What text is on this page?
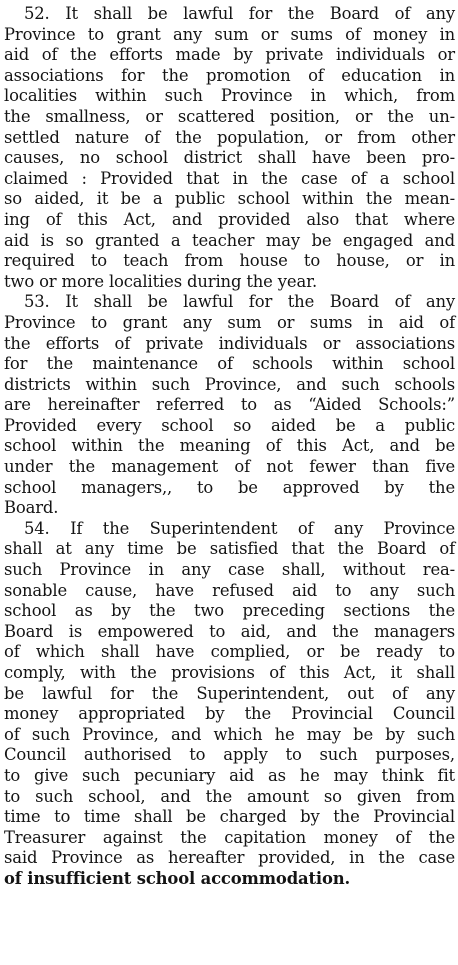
52. It shall be lawful for the Board of any
Province to grant any sum or sums of money in
aid of the efforts made by private individuals or
associations for the promotion of education in
localities within such Province in which, from
the smallness, or scattered position, or the un-
settled nature of the population, or from other
causes, no school district shall have been pro-
claimed : Provided that in the case of a school
so aided, it be a public school within the mean-
ing of this Act, and provided also that where
aid is so granted a teacher may be engaged and
required to teach from house to house, or in
two or more localities during the year.
53. It shall be lawful for the Board of any
Province to grant any sum or sums in aid of
the efforts of private individuals or associations
for the maintenance of schools within school
districts within such Province, and such schools
are hereinafter referred to as “Aided Schools:”
Provided every school so aided be a public
school within the meaning of this Act, and be
under the management of not fewer than five
school managers,, to be approved by the
Board.
54. If the Superintendent of any Province
shall at any time be satisfied that the Board of
such Province in any case shall, without rea-
sonable cause, have refused aid to any such
school as by the two preceding sections the
Board is empowered to aid, and the managers
of which shall have complied, or be ready to
comply, with the provisions of this Act, it shall
be lawful for the Superintendent, out of any
money appropriated by the Provincial Council
of such Province, and which he may be by such
Council authorised to apply to such purposes,
to give such pecuniary aid as he may think fit
to such school, and the amount so given from
time to time shall be charged by the Provincial
Treasurer against the capitation money of the
said Province as hereafter provided, in the case
of insufficient school accommodation.
